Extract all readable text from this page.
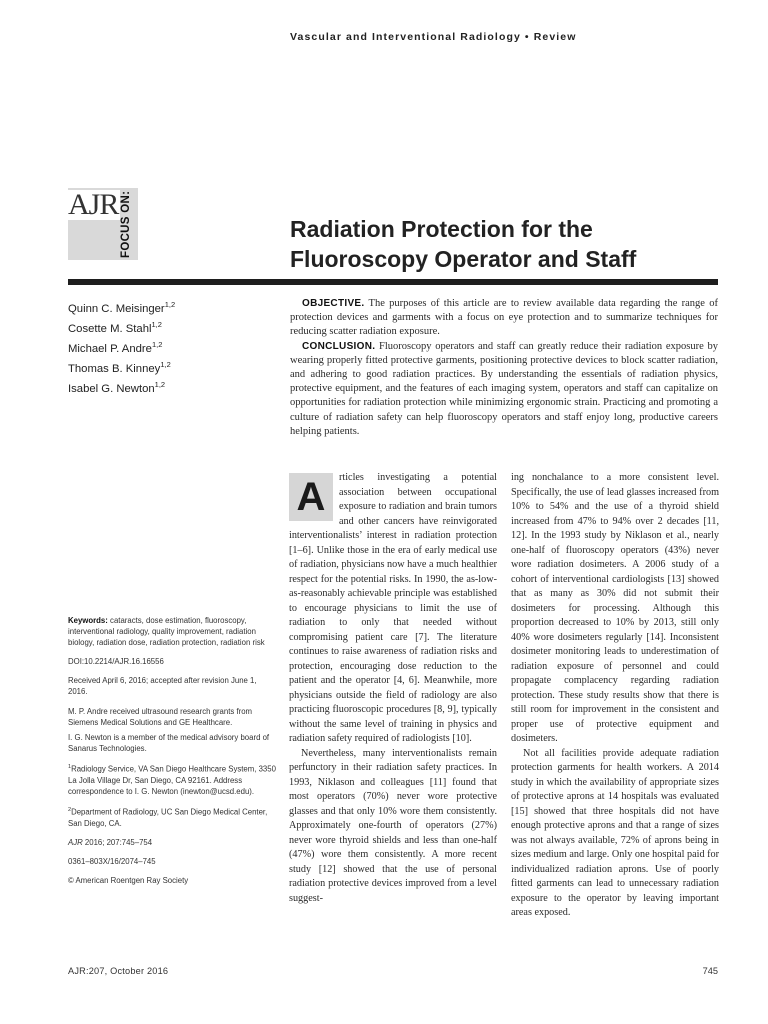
Vascular and Interventional Radiology • Review
AJR FOCUS ON:	Radiation Protection for the Fluoroscopy Operator and Staff
Quinn C. Meisinger$^{1,2}$
Cosette M. Stahl$^{1,2}$
Michael P. Andre$^{1,2}$
Thomas B. Kinney$^{1,2}$
Isabel G. Newton$^{1,2}$

OBJECTIVE. The purposes of this article are to review available data regarding the range of protection devices and garments with a focus on eye protection and to summarize techniques for reducing scatter radiation exposure.

CONCLUSION. Fluoroscopy operators and staff can greatly reduce their radiation exposure by wearing properly fitted protective garments, positioning protective devices to block scatter radiation, and adhering to good radiation practices. By understanding the essentials of radiation physics, protective equipment, and the features of each imaging system, operators and staff can capitalize on opportunities for radiation protection while minimizing ergonomic strain. Practicing and promoting a culture of radiation safety can help fluoroscopy operators and staff enjoy long, productive careers helping patients.

Keywords: cataracts, dose estimation, fluoroscopy, interventional radiology, quality improvement, radiation biology, radiation dose, radiation protection, radiation risk

DOI:10.2214/AJR.16.16556

Received April 6, 2016; accepted after revision June 1, 2016.

M. P. Andre received ultrasound research grants from Siemens Medical Solutions and GE Healthcare.

I. G. Newton is a member of the medical advisory board of Sanarus Technologies.

$^1$Radiology Service, VA San Diego Healthcare System, 3350 La Jolla Village Dr, San Diego, CA 92161. Address correspondence to I. G. Newton (inewton@ucsd.edu).

$^2$Department of Radiology, UC San Diego Medical Center, San Diego, CA.

AJR 2016; 207:745–754

0361–803X/16/2074–745

© American Roentgen Ray Society

A	rticles investigating a potential association between occupational exposure to radiation and brain tumors and other cancers have reinvigorated interventionalists’ interest in radiation protection [1–6]. Unlike those in the era of early medical use of radiation, physicians now have a much healthier respect for the potential risks. In 1990, the as-low-as-reasonably achievable principle was established to encourage physicians to limit the use of radiation to only that needed without compromising patient care [7]. The literature continues to raise awareness of radiation risks and protection, encouraging dose reduction to the patient and the operator [4, 6]. Meanwhile, more physicians outside the field of radiology are also practicing fluoroscopic procedures [8, 9], typically without the same level of training in physics and radiation safety required of radiologists [10].

Nevertheless, many interventionalists remain perfunctory in their radiation safety practices. In 1993, Niklason and colleagues [11] found that most operators (70%) never wore protective glasses and that only 10% wore them consistently. Approximately one-fourth of operators (27%) never wore thyroid shields and less than one-half (47%) wore them consistently. A more recent study [12] showed that the use of personal radiation protective devices improved from a level suggest-

ing nonchalance to a more consistent level. Specifically, the use of lead glasses increased from 10% to 54% and the use of a thyroid shield increased from 47% to 94% over 2 decades [11, 12]. In the 1993 study by Niklason et al., nearly one-half of fluoroscopy operators (43%) never wore radiation dosimeters. A 2006 study of a cohort of interventional cardiologists [13] showed that as many as 30% did not submit their dosimeters for processing. Although this proportion decreased to 10% by 2013, still only 40% wore dosimeters regularly [14]. Inconsistent dosimeter monitoring leads to underestimation of radiation exposure of personnel and could propagate complacency regarding radiation protection. These study results show that there is still room for improvement in the consistent and proper use of protective equipment and dosimeters.

Not all facilities provide adequate radiation protection garments for health workers. A 2014 study in which the availability of appropriate sizes of protective aprons at 14 hospitals was evaluated [15] showed that three hospitals did not have enough protective aprons and that a range of sizes was not always available, 72% of aprons being in sizes medium and large. Only one hospital paid for individualized radiation aprons. Use of poorly fitted garments can lead to unnecessary radiation exposure to the operator by leaving important areas exposed.

AJR:207, October 2016	745
